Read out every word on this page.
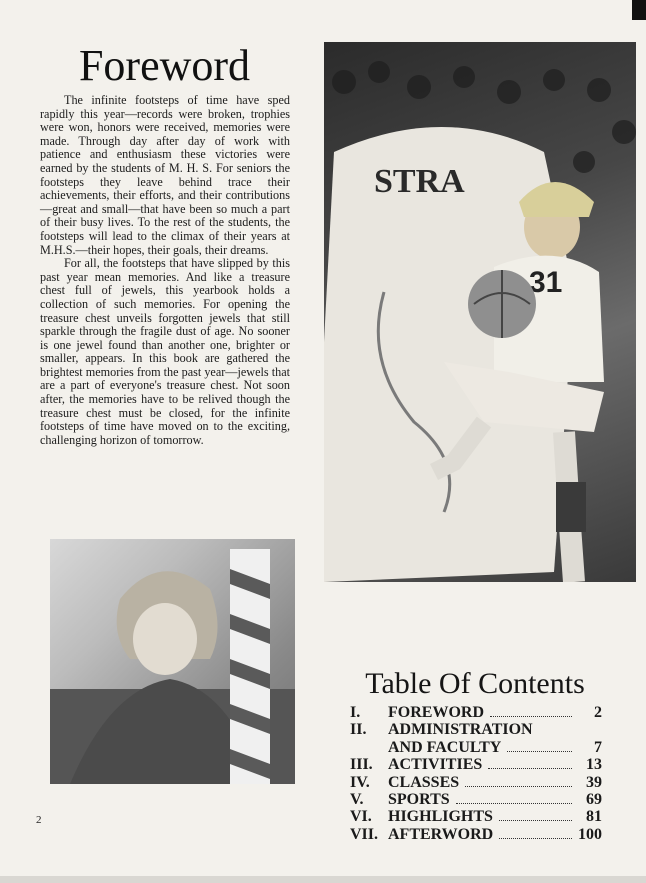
Foreword

The infinite footsteps of time have sped rapidly this year—records were broken, trophies were won, honors were received, memories were made. Through day after day of work with patience and enthusiasm these victories were earned by the students of M. H. S. For seniors the footsteps they leave behind trace their achievements, their efforts, and their contributions—great and small—that have been so much a part of their busy lives. To the rest of the students, the footsteps will lead to the climax of their years at M.H.S.—their hopes, their goals, their dreams.

For all, the footsteps that have slipped by this past year mean memories. And like a treasure chest full of jewels, this yearbook holds a collection of such memories. For opening the treasure chest unveils forgotten jewels that still sparkle through the fragile dust of age. No sooner is one jewel found than another one, brighter or smaller, appears. In this book are gathered the brightest memories from the past year—jewels that are a part of everyone's treasure chest. Not soon after, the memories have to be relived though the treasure chest must be closed, for the infinite footsteps of time have moved on to the exciting, challenging horizon of tomorrow.

STRA
31
Table Of Contents
I.	FOREWORD	2
II.	ADMINISTRATION
AND FACULTY	7
III. ACTIVITIES	13
IV.	CLASSES	39
V.	SPORTS	69
VI.	HIGHLIGHTS	81
VII. AFTERWORD	100
2
